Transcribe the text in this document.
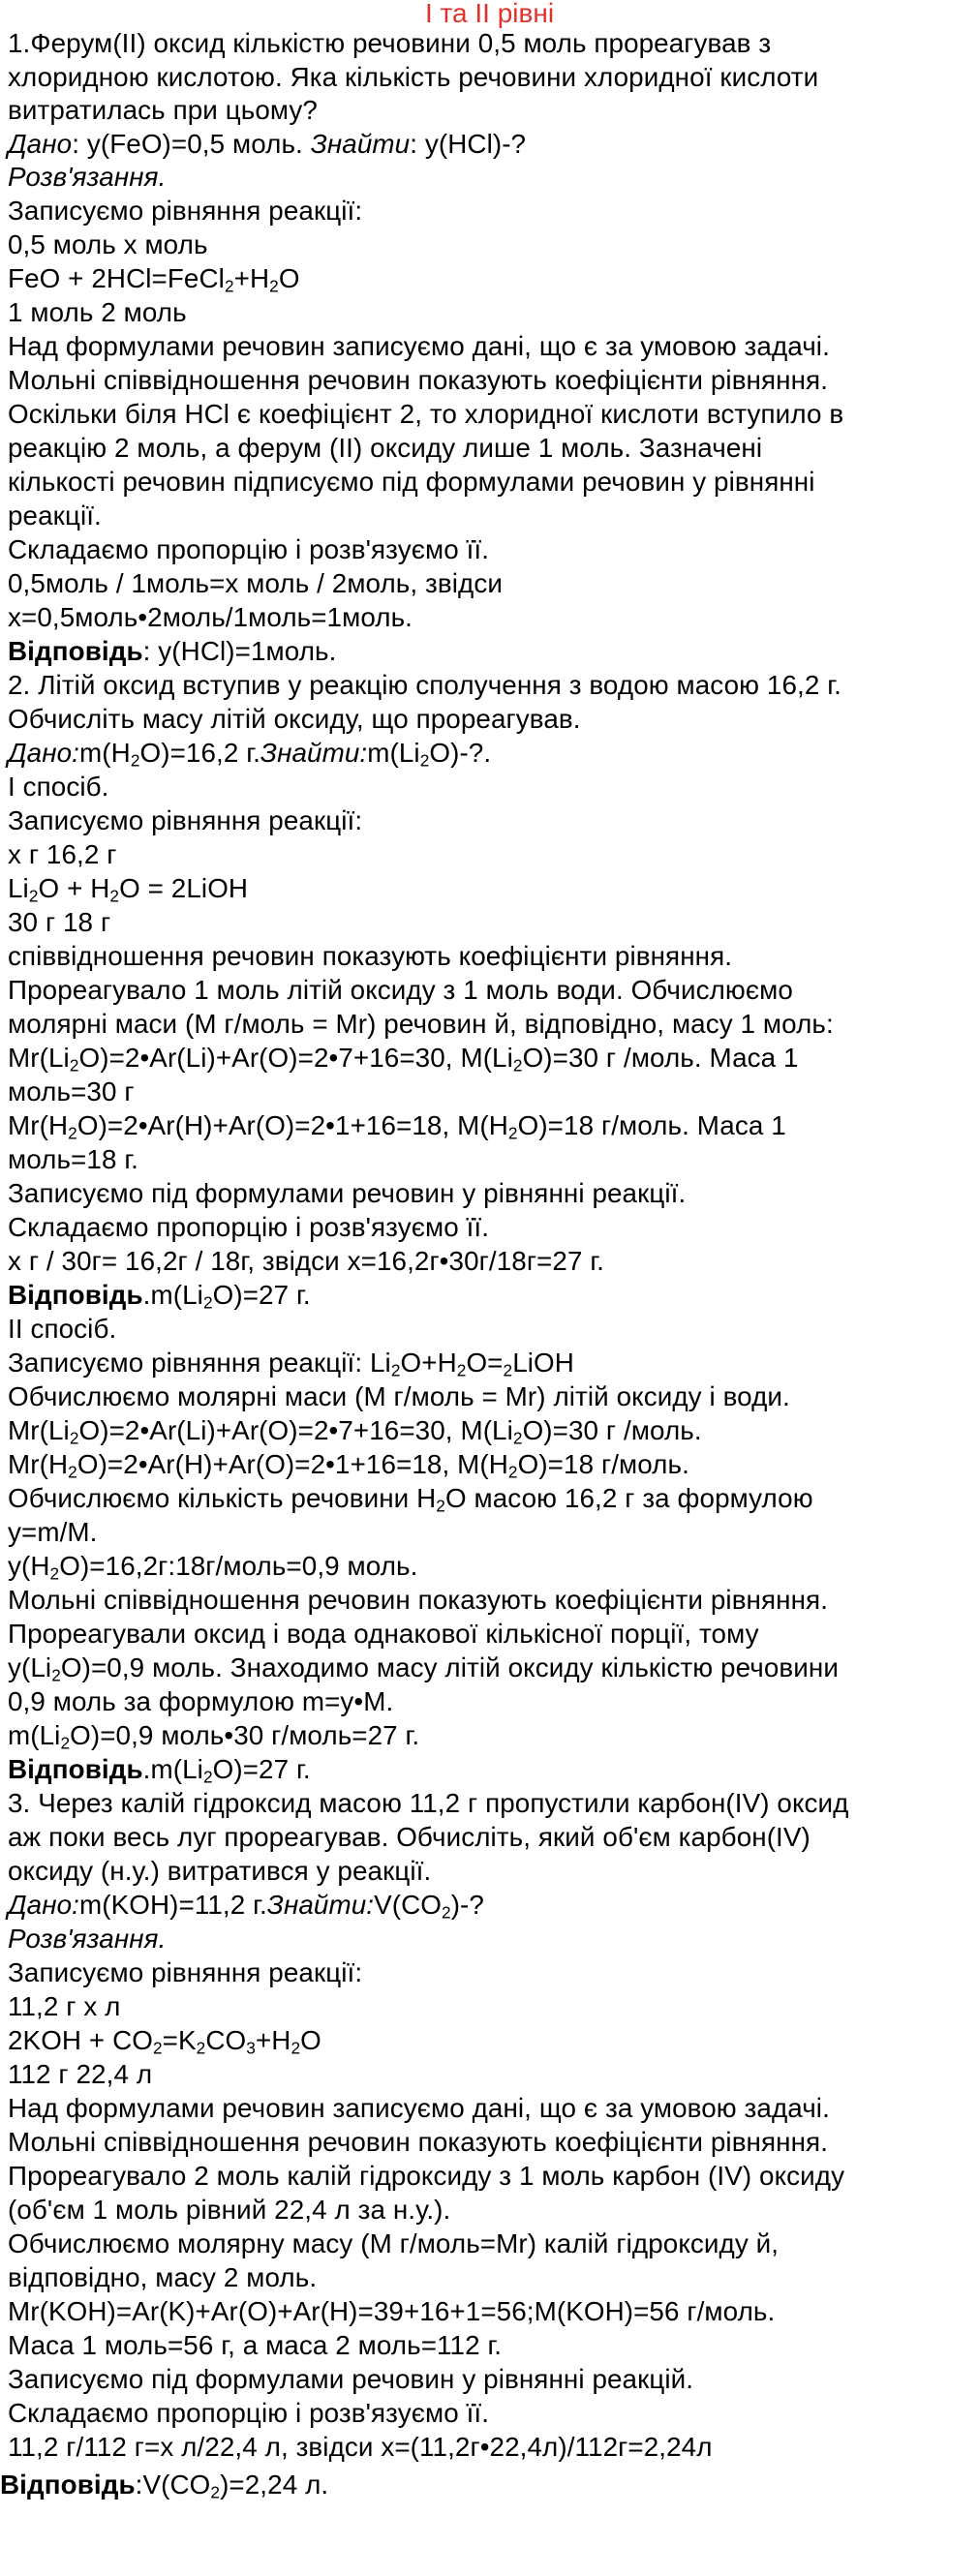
I та II рівні
1.Ферум(II) оксид кількістю речовини 0,5 моль прореагував з
хлоридною кислотою. Яка кількість речовини хлоридної кислоти
витратилась при цьому?
Дано: у(FeO)=0,5 моль. Знайти: у(HCl)-?
Розв'язання.
Записуємо рівняння реакції:
0,5 моль х моль
FeO + $2HCl=FeCl_2+H_2O$
1 моль 2 моль
Над формулами речовин записуємо дані, що є за умовою задачі.
Мольні співвідношення речовин показують коефіцієнти рівняння.
Оскільки біля HCl є коефіцієнт 2, то хлоридної кислоти вступило в
реакцію 2 моль, а ферум (II) оксиду лише 1 моль. Зазначені
кількості речовин підписуємо під формулами речовин у рівнянні
реакції.
Складаємо пропорцію і розв'язуємо її.
0,5моль / 1моль=х моль / 2моль, звідси
х=0,5моль•2моль/1моль=1моль.
Відповідь: у(HCl)=1моль.
2. Літій оксид вступив у реакцію сполучення з водою масою 16,2 г.
Обчисліть масу літій оксиду, що прореагував.
$Дано:m(H_2O)=16,2$ $г.Знайти:m(Li_2O)-$?.
I спосіб.
Записуємо рівняння реакції:
х г 16,2 г
$Li_2O + H_2O$ = 2LiOH
30 г 18 г
співвідношення речовин показують коефіцієнти рівняння.
Прореагувало 1 моль літій оксиду з 1 моль води. Обчислюємо
молярні маси (М г/моль = Mr) речовин й, відповідно, масу 1 моль:
$Mr(Li_2O)=2•Ar(Li)+Ar(O)=2•7+16=30$, $M(Li_2O)=30$ г /моль. Маса 1
моль=30 г
$Mr(H_2O)=2•Ar(H)+Ar(O)=2•1+16=18$, $M(H_2O)=18$ г/моль. Маса 1
моль=18 г.
Записуємо під формулами речовин у рівнянні реакції.
Складаємо пропорцію і розв'язуємо її.
х г / 30г= 16,2г / 18г, звідси х=16,2г•30г/18г=27 г.
$Відповідь.m(Li_2O)=27$ г.
II спосіб.
Записуємо рівняння реакції: $Li_2O+H_2O=_2LiOH$
Обчислюємо молярні маси (M г/моль = Mr) літій оксиду і води.
$Mr(Li_2O)=2•Ar(Li)+Ar(O)=2•7+16=30$, $M(Li_2O)=30$ г /моль.
$Mr(H_2O)=2•Ar(H)+Ar(O)=2•1+16=18$, $M(H_2O)=18$ г/моль.
Обчислюємо кількість речовини $H_2O$ масою 16,2 г за формулою
y=m/M.
$y(H_2O)=16,2г:18г/моль=0,9$ моль.
Мольні співвідношення речовин показують коефіцієнти рівняння.
Прореагували оксид і вода однакової кількісної порції, тому
$y(Li_2O)=0,9$ моль. Знаходимо масу літій оксиду кількістю речовини
0,9 моль за формулою m=y•M.
$m(Li_2O)=0,9$ моль•30 г/моль=27 г.
$Відповідь.m(Li_2O)=27$ г.
3. Через калій гідроксид масою 11,2 г пропустили карбон(IV) оксид
аж поки весь луг прореагував. Обчисліть, який об'єм карбон(IV)
оксиду (н.у.) витратився у реакції.
Дано:m(KOH)=11,2 $г.Знайти:V(CO_2)-$?
Розв'язання.
Записуємо рівняння реакції:
11,2 г х л
$2KOH + CO_2=K_2CO_3+H_2O$
112 г 22,4 л
Над формулами речовин записуємо дані, що є за умовою задачі.
Мольні співвідношення речовин показують коефіцієнти рівняння.
Прореагувало 2 моль калій гідроксиду з 1 моль карбон (IV) оксиду
(об'єм 1 моль рівний 22,4 л за н.у.).
Обчислюємо молярну масу (M г/моль=Mr) калій гідроксиду й,
відповідно, масу 2 моль.
Mr(KOH)=Ar(K)+Ar(O)+Ar(H)=39+16+1=56;M(KOH)=56 г/моль.
Маса 1 моль=56 г, а маса 2 моль=112 г.
Записуємо під формулами речовин у рівнянні реакцій.
Складаємо пропорцію і розв'язуємо її.
11,2 г/112 г=х л/22,4 л, звідси х=(11,2г•22,4л)/112г=2,24л
$Відповідь:V(CO_2)=2,24$ л.
